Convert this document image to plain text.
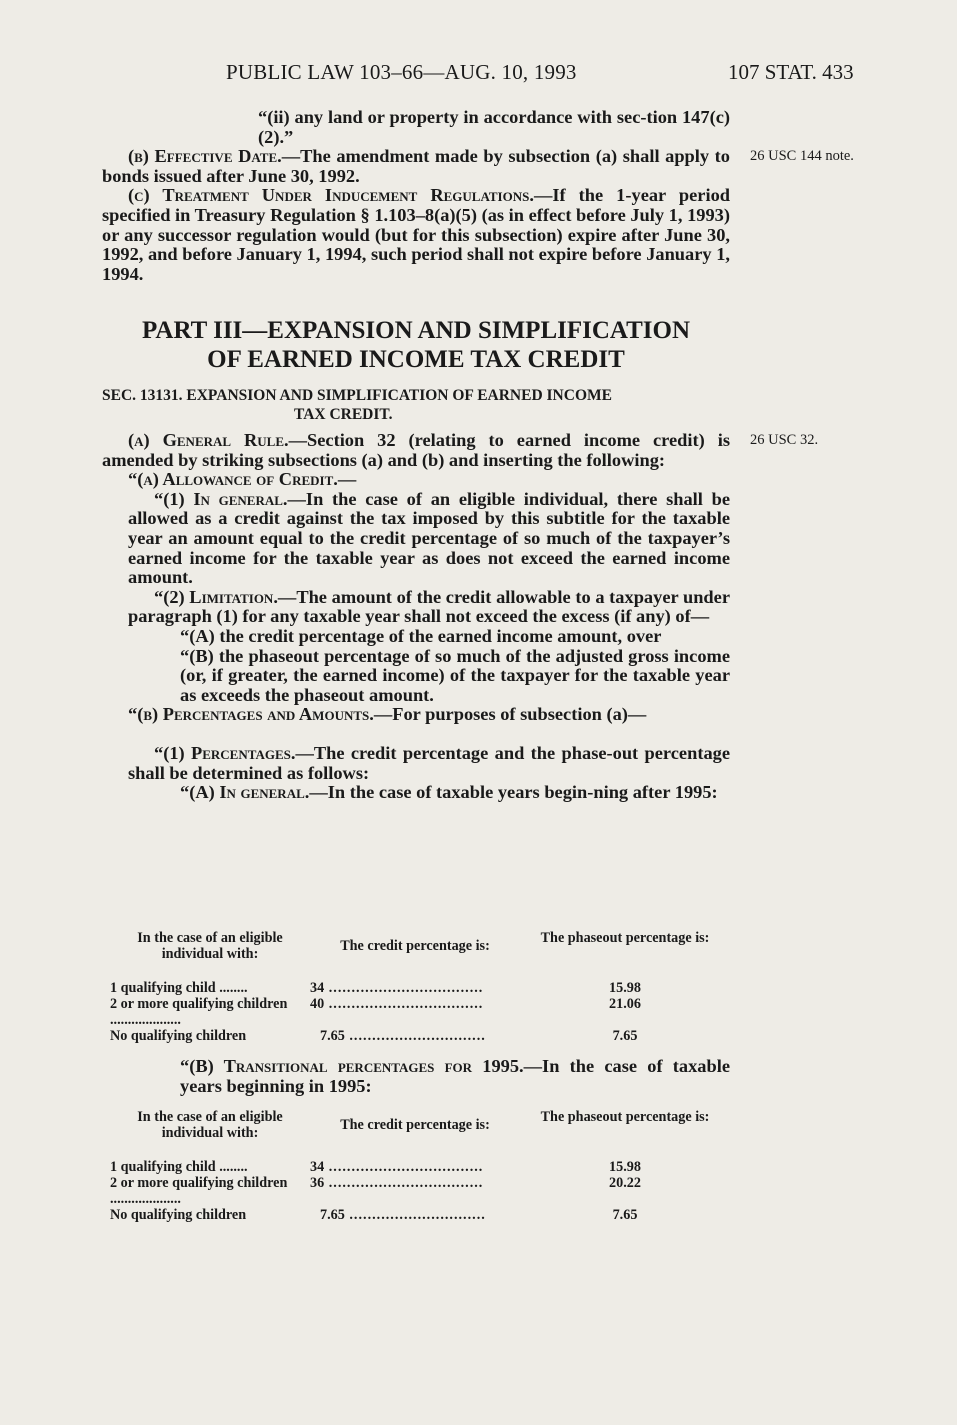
PUBLIC LAW 103–66—AUG. 10, 1993	107 STAT. 433

“(ii) any land or property in accordance with sec-tion 147(c)(2).”

(b) Effective Date.—The amendment made by subsection (a) shall apply to bonds issued after June 30, 1992.

(c) Treatment Under Inducement Regulations.—If the 1-year period specified in Treasury Regulation § 1.103–8(a)(5) (as in effect before July 1, 1993) or any successor regulation would (but for this subsection) expire after June 30, 1992, and before January 1, 1994, such period shall not expire before January 1, 1994.

26 USC 144 note.
PART III—EXPANSION AND SIMPLIFICATION
OF EARNED INCOME TAX CREDIT
SEC. 13131. EXPANSION AND SIMPLIFICATION OF EARNED INCOME
TAX CREDIT.
26 USC 32.

(a) General Rule.—Section 32 (relating to earned income credit) is amended by striking subsections (a) and (b) and inserting the following:

“(a) Allowance of Credit.—

“(1) In general.—In the case of an eligible individual, there shall be allowed as a credit against the tax imposed by this subtitle for the taxable year an amount equal to the credit percentage of so much of the taxpayer’s earned income for the taxable year as does not exceed the earned income amount.

“(2) Limitation.—The amount of the credit allowable to a taxpayer under paragraph (1) for any taxable year shall not exceed the excess (if any) of—

“(A) the credit percentage of the earned income amount, over

“(B) the phaseout percentage of so much of the adjusted gross income (or, if greater, the earned income) of the taxpayer for the taxable year as exceeds the phaseout amount.

“(b) Percentages and Amounts.—For purposes of subsection (a)—

“(1) Percentages.—The credit percentage and the phase-out percentage shall be determined as follows:

“(A) In general.—In the case of taxable years begin-ning after 1995:

In the case of an eligible individual with:	The credit percentage is:	The phaseout percentage is:

1 qualifying child ........	34 ..................................	15.98
2 or more qualifying children ....................	40 ..................................	21.06
No qualifying children	7.65 ..............................	7.65

“(B) Transitional percentages for 1995.—In the case of taxable years beginning in 1995:

In the case of an eligible individual with:	The credit percentage is:	The phaseout percentage is:

1 qualifying child ........	34 ..................................	15.98
2 or more qualifying children ....................	36 ..................................	20.22
No qualifying children	7.65 ..............................	7.65
